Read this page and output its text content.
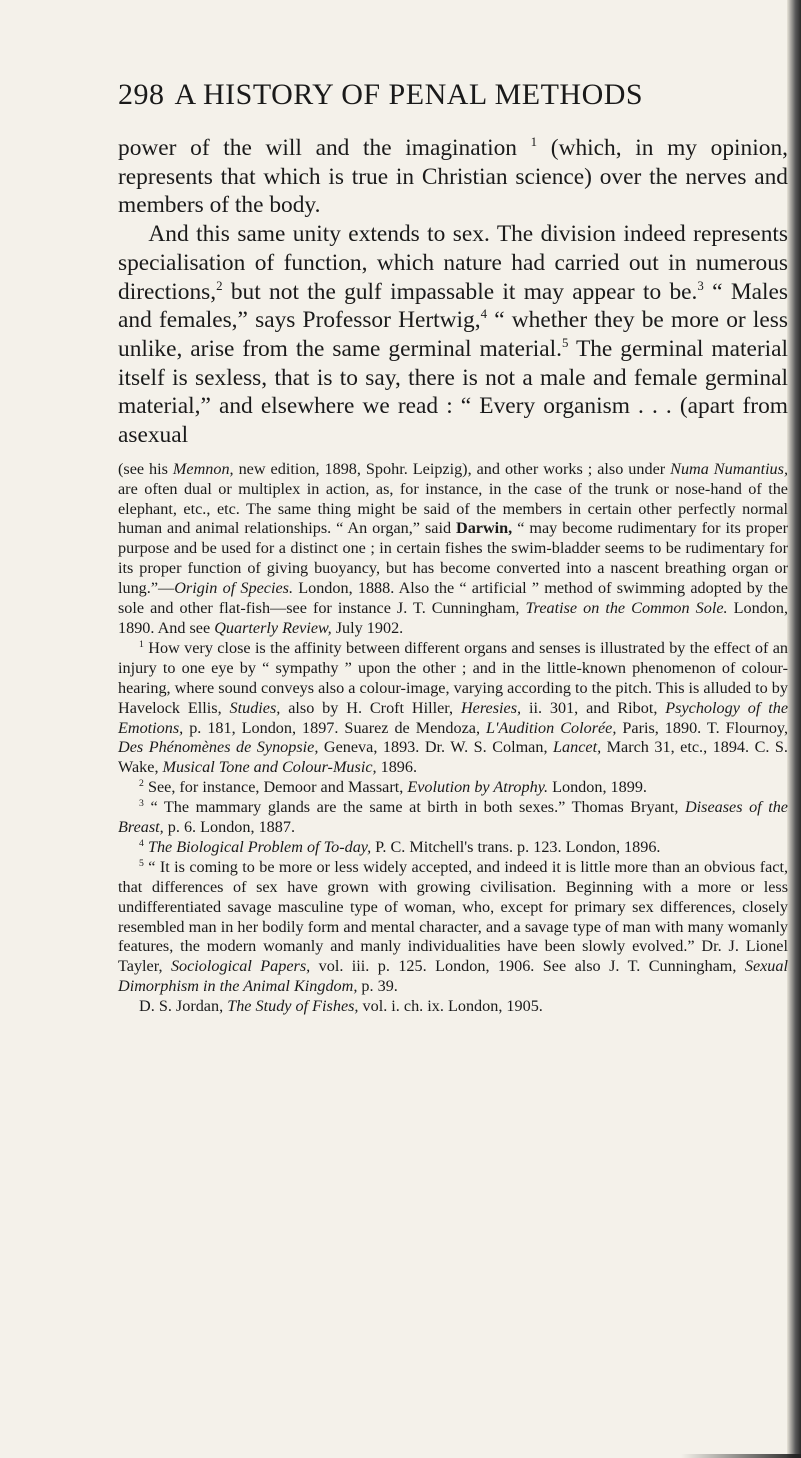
298 A HISTORY OF PENAL METHODS

power of the will and the imagination $^1$ (which, in my opinion, represents that which is true in Christian science) over the nerves and members of the body.

And this same unity extends to sex. The division indeed represents specialisation of function, which nature had carried out in numerous directions,$^2$ but not the gulf impassable it may appear to be.$^3$ “ Males and females,” says Professor Hertwig,$^4$ “ whether they be more or less unlike, arise from the same germinal material.$^5$ The germinal material itself is sexless, that is to say, there is not a male and female germinal material,” and elsewhere we read : “ Every organism . . . (apart from asexual

(see his Memnon, new edition, 1898, Spohr. Leipzig), and other works ; also under Numa Numantius, are often dual or multiplex in action, as, for instance, in the case of the trunk or nose-hand of the elephant, etc., etc. The same thing might be said of the members in certain other perfectly normal human and animal relationships. “ An organ,” said Darwin, “ may become rudimentary for its proper purpose and be used for a distinct one ; in certain fishes the swim-bladder seems to be rudimentary for its proper function of giving buoyancy, but has become converted into a nascent breathing organ or lung.”—Origin of Species. London, 1888. Also the “ artificial ” method of swimming adopted by the sole and other flat-fish—see for instance J. T. Cunningham, Treatise on the Common Sole. London, 1890. And see Quarterly Review, July 1902.

$^1$ How very close is the affinity between different organs and senses is illustrated by the effect of an injury to one eye by “ sympathy ” upon the other ; and in the little-known phenomenon of colour-hearing, where sound conveys also a colour-image, varying according to the pitch. This is alluded to by Havelock Ellis, Studies, also by H. Croft Hiller, Heresies, ii. 301, and Ribot, Psychology of the Emotions, p. 181, London, 1897. Suarez de Mendoza, L'Audition Colorée, Paris, 1890. T. Flournoy, Des Phénomènes de Synopsie, Geneva, 1893. Dr. W. S. Colman, Lancet, March 31, etc., 1894. C. S. Wake, Musical Tone and Colour-Music, 1896.

$^2$ See, for instance, Demoor and Massart, Evolution by Atrophy. London, 1899.

$^3$ “ The mammary glands are the same at birth in both sexes.” Thomas Bryant, Diseases of the Breast, p. 6. London, 1887.

$^4$ The Biological Problem of To-day, P. C. Mitchell's trans. p. 123. London, 1896.

$^5$ “ It is coming to be more or less widely accepted, and indeed it is little more than an obvious fact, that differences of sex have grown with growing civilisation. Beginning with a more or less undifferentiated savage masculine type of woman, who, except for primary sex differences, closely resembled man in her bodily form and mental character, and a savage type of man with many womanly features, the modern womanly and manly individualities have been slowly evolved.” Dr. J. Lionel Tayler, Sociological Papers, vol. iii. p. 125. London, 1906. See also J. T. Cunningham, Sexual Dimorphism in the Animal Kingdom, p. 39.

D. S. Jordan, The Study of Fishes, vol. i. ch. ix. London, 1905.
